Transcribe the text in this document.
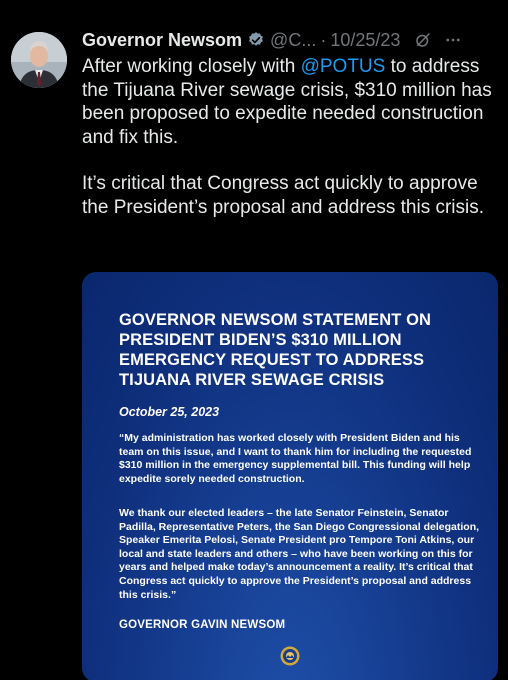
Governor Newsom @C... · 10/25/23

After working closely with @POTUS to address the Tijuana River sewage crisis, $310 million has been proposed to expedite needed construction and fix this.

It’s critical that Congress act quickly to approve the President’s proposal and address this crisis.

GOVERNOR NEWSOM STATEMENT ON PRESIDENT BIDEN’S $310 MILLION EMERGENCY REQUEST TO ADDRESS TIJUANA RIVER SEWAGE CRISIS
October 25, 2023
“My administration has worked closely with President Biden and his team on this issue, and I want to thank him for including the requested $310 million in the emergency supplemental bill. This funding will help expedite sorely needed construction.
We thank our elected leaders – the late Senator Feinstein, Senator Padilla, Representative Peters, the San Diego Congressional delegation, Speaker Emerita Pelosi, Senate President pro Tempore Toni Atkins, our local and state leaders and others – who have been working on this for years and helped make today’s announcement a reality. It’s critical that Congress act quickly to approve the President’s proposal and address this crisis.”
GOVERNOR GAVIN NEWSOM
